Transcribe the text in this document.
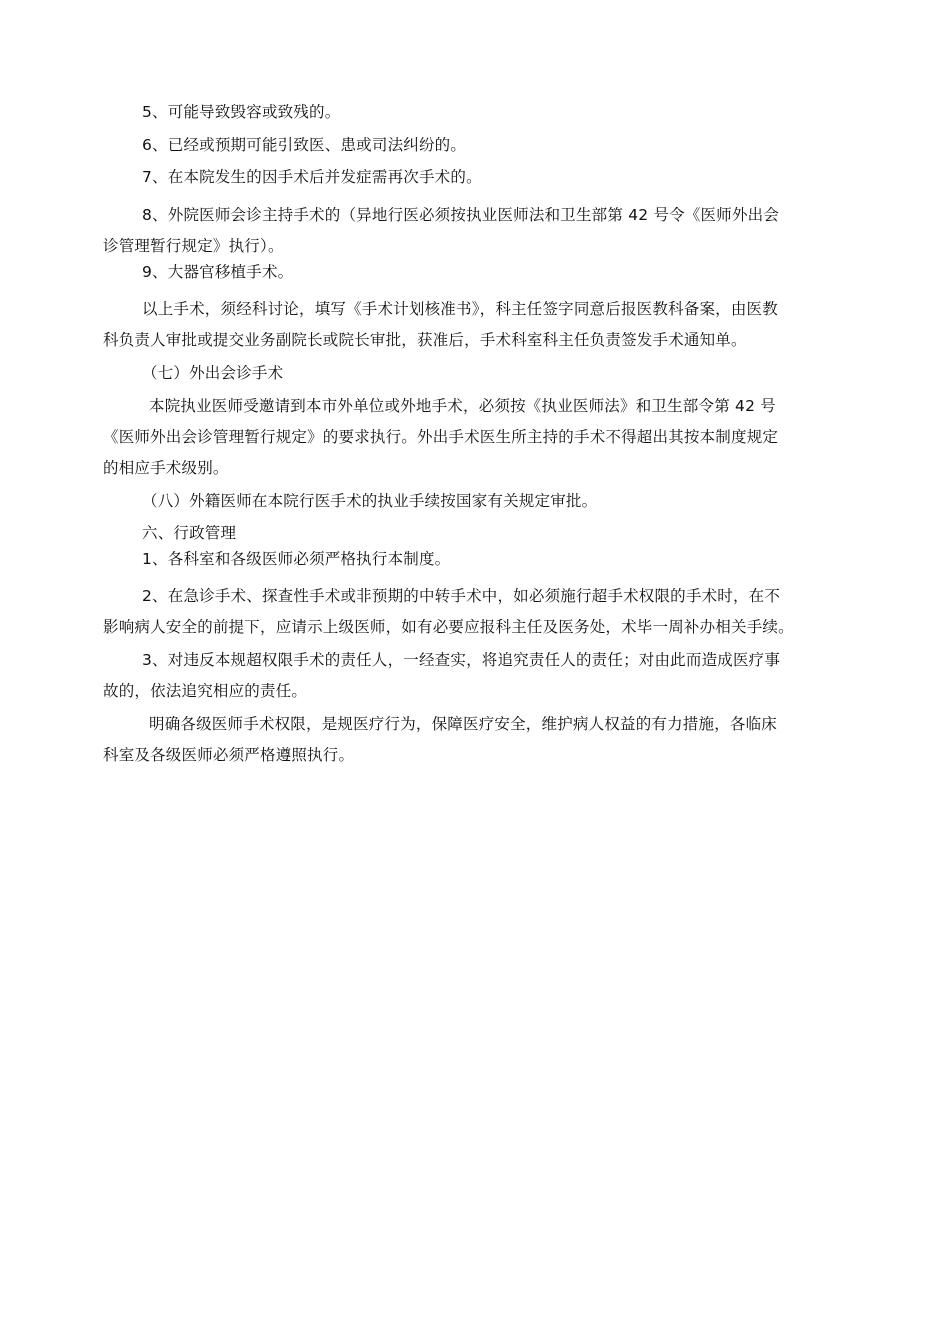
5、可能导致毁容或致残的。
6、已经或预期可能引致医、患或司法纠纷的。
7、在本院发生的因手术后并发症需再次手术的。
8、外院医师会诊主持手术的（异地行医必须按执业医师法和卫生部第 42 号令《医师外出会
诊管理暂行规定》执行）。
9、大器官移植手术。
以上手术，须经科讨论，填写《手术计划核准书》，科主任签字同意后报医教科备案，由医教
科负责人审批或提交业务副院长或院长审批，获准后，手术科室科主任负责签发手术通知单。
（七）外出会诊手术
本院执业医师受邀请到本市外单位或外地手术，必须按《执业医师法》和卫生部令第 42 号
《医师外出会诊管理暂行规定》的要求执行。外出手术医生所主持的手术不得超出其按本制度规定
的相应手术级别。
（八）外籍医师在本院行医手术的执业手续按国家有关规定审批。
六、行政管理
1、各科室和各级医师必须严格执行本制度。
2、在急诊手术、探查性手术或非预期的中转手术中，如必须施行超手术权限的手术时，在不
影响病人安全的前提下，应请示上级医师，如有必要应报科主任及医务处，术毕一周补办相关手续。
3、对违反本规超权限手术的责任人，一经查实，将追究责任人的责任；对由此而造成医疗事
故的，依法追究相应的责任。
明确各级医师手术权限，是规医疗行为，保障医疗安全，维护病人权益的有力措施，各临床
科室及各级医师必须严格遵照执行。
